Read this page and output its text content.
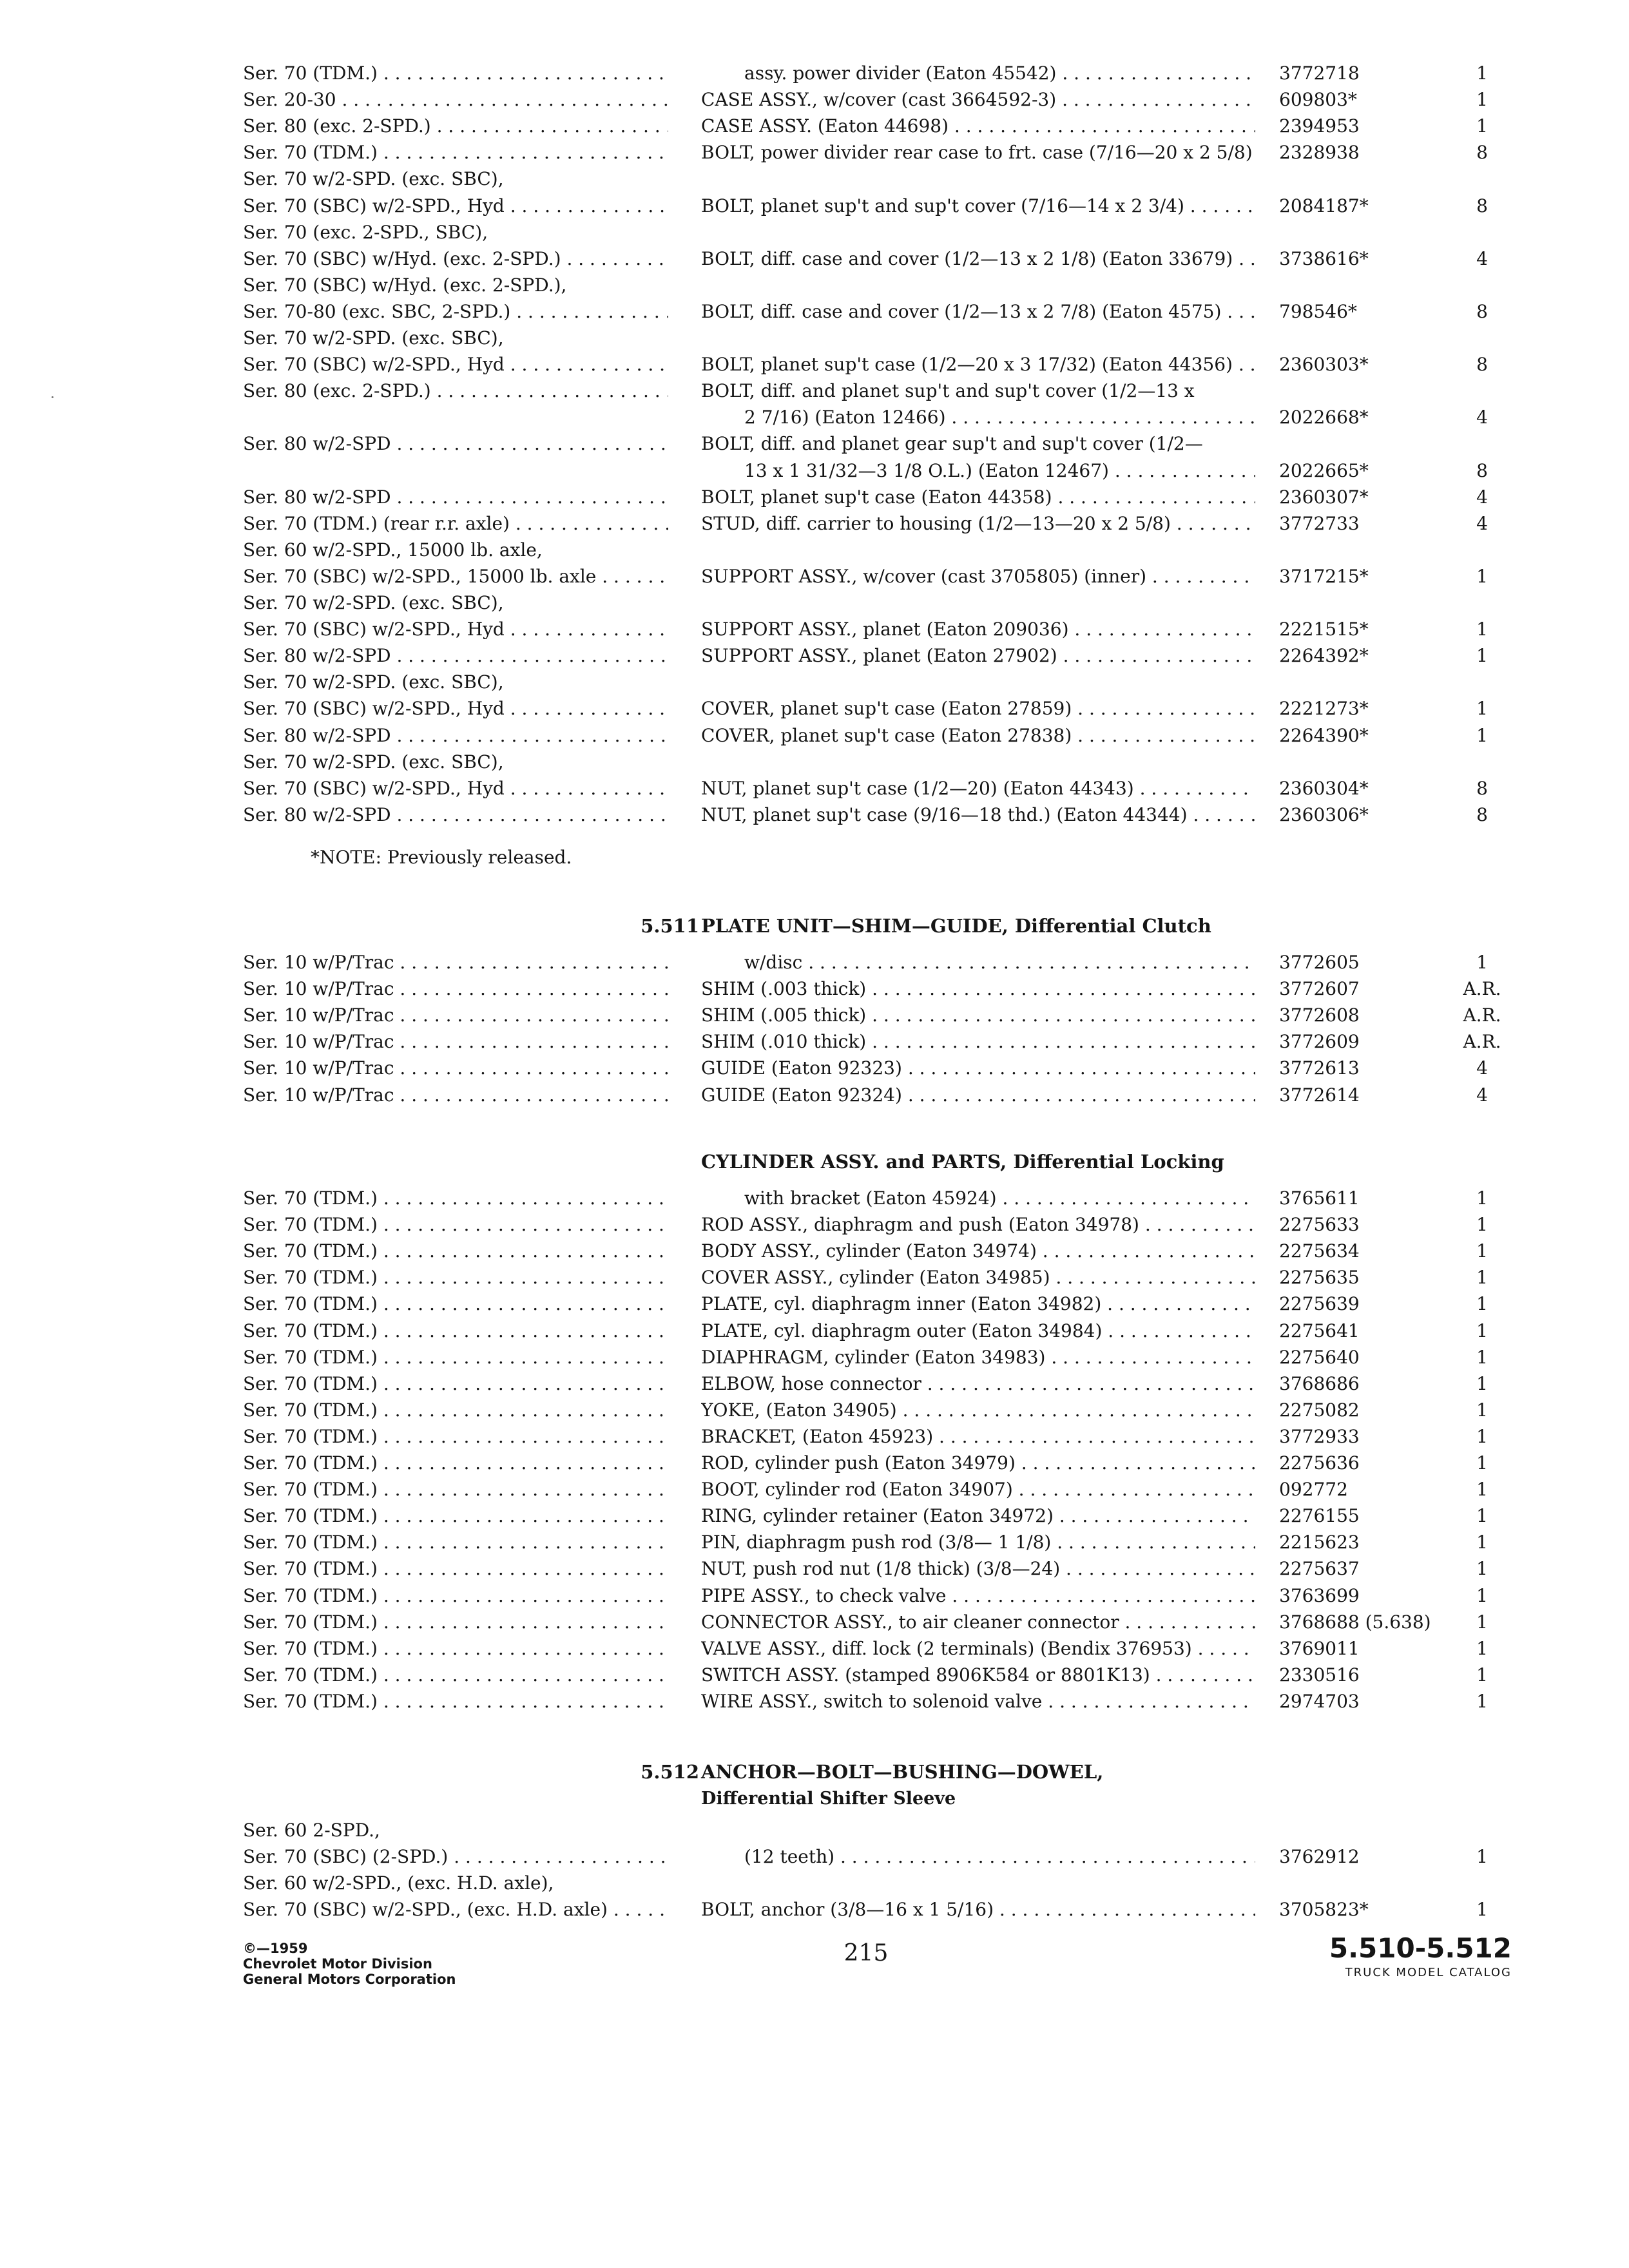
Ser. 70 (TDM.) . . .	assy. power divider (Eaton 45542) . . .	3772718	1
Ser. 20-30 . . .	CASE ASSY., w/cover (cast 3664592-3) . . .	609803*	1
Ser. 80 (exc. 2-SPD.) . . .	CASE ASSY. (Eaton 44698) . . .	2394953	1
Ser. 70 (TDM.) . . .	BOLT, power divider rear case to frt. case (7/16—20 x 2 5/8) . . . 2328938	8
Ser. 70 w/2-SPD. (exc. SBC),
Ser. 70 (SBC) w/2-SPD., Hyd . . .	BOLT, planet sup't and sup't cover (7/16—14 x 2 3/4) . . .	2084187*	8
Ser. 70 (exc. 2-SPD., SBC),
Ser. 70 (SBC) w/Hyd. (exc. 2-SPD.) . . .	BOLT, diff. case and cover (1/2—13 x 2 1/8) (Eaton 33679) . . .	3738616*	4
Ser. 70 (SBC) w/Hyd. (exc. 2-SPD.),
Ser. 70-80 (exc. SBC, 2-SPD.) . . .	BOLT, diff. case and cover (1/2—13 x 2 7/8) (Eaton 4575) . . .	798546*	8
Ser. 70 w/2-SPD. (exc. SBC),
Ser. 70 (SBC) w/2-SPD., Hyd . . .	BOLT, planet sup't case (1/2—20 x 3 17/32) (Eaton 44356) . . .	2360303*	8
Ser. 80 (exc. 2-SPD.) . . .	BOLT, diff. and planet sup't and sup't cover (1/2—13 x
2 7/16) (Eaton 12466) . . .	2022668*	4
Ser. 80 w/2-SPD . . .	BOLT, diff. and planet gear sup't and sup't cover (1/2—
13 x 1 31/32—3 1/8 O.L.) (Eaton 12467) . . .	2022665*	8
Ser. 80 w/2-SPD . . .	BOLT, planet sup't case (Eaton 44358) . . .	2360307*	4
Ser. 70 (TDM.) (rear r.r. axle) . . .	STUD, diff. carrier to housing (1/2—13—20 x 2 5/8) . . .	3772733	4
Ser. 60 w/2-SPD., 15000 lb. axle,
Ser. 70 (SBC) w/2-SPD., 15000 lb. axle . . .	SUPPORT ASSY., w/cover (cast 3705805) (inner) . . .	3717215*	1
Ser. 70 w/2-SPD. (exc. SBC),
Ser. 70 (SBC) w/2-SPD., Hyd . . .	SUPPORT ASSY., planet (Eaton 209036) . . .	2221515*	1
Ser. 80 w/2-SPD . . .	SUPPORT ASSY., planet (Eaton 27902) . . .	2264392*	1
Ser. 70 w/2-SPD. (exc. SBC),
Ser. 70 (SBC) w/2-SPD., Hyd . . .	COVER, planet sup't case (Eaton 27859) . . .	2221273*	1
Ser. 80 w/2-SPD . . .	COVER, planet sup't case (Eaton 27838) . . .	2264390*	1
Ser. 70 w/2-SPD. (exc. SBC),
Ser. 70 (SBC) w/2-SPD., Hyd . . .	NUT, planet sup't case (1/2—20) (Eaton 44343) . . .	2360304*	8
Ser. 80 w/2-SPD . . .	NUT, planet sup't case (9/16—18 thd.) (Eaton 44344) . . .	2360306*	8
*NOTE: Previously released.
5.511 PLATE UNIT—SHIM—GUIDE, Differential Clutch
Ser. 10 w/P/Trac . . .	w/disc . . .	3772605	1
Ser. 10 w/P/Trac . . .	SHIM (.003 thick) . . .	3772607	A.R.
Ser. 10 w/P/Trac . . .	SHIM (.005 thick) . . .	3772608	A.R.
Ser. 10 w/P/Trac . . .	SHIM (.010 thick) . . .	3772609	A.R.
Ser. 10 w/P/Trac . . .	GUIDE (Eaton 92323) . . .	3772613	4
Ser. 10 w/P/Trac . . .	GUIDE (Eaton 92324) . . .	3772614	4
CYLINDER ASSY. and PARTS, Differential Locking
Ser. 70 (TDM.) . . .	with bracket (Eaton 45924) . . .	3765611	1
Ser. 70 (TDM.) . . .	ROD ASSY., diaphragm and push (Eaton 34978) . . .	2275633	1
Ser. 70 (TDM.) . . .	BODY ASSY., cylinder (Eaton 34974) . . .	2275634	1
Ser. 70 (TDM.) . . .	COVER ASSY., cylinder (Eaton 34985) . . .	2275635	1
Ser. 70 (TDM.) . . .	PLATE, cyl. diaphragm inner (Eaton 34982) . . .	2275639	1
Ser. 70 (TDM.) . . .	PLATE, cyl. diaphragm outer (Eaton 34984) . . .	2275641	1
Ser. 70 (TDM.) . . .	DIAPHRAGM, cylinder (Eaton 34983) . . .	2275640	1
Ser. 70 (TDM.) . . .	ELBOW, hose connector . . .	3768686	1
Ser. 70 (TDM.) . . .	YOKE, (Eaton 34905) . . .	2275082	1
Ser. 70 (TDM.) . . .	BRACKET, (Eaton 45923) . . .	3772933	1
Ser. 70 (TDM.) . . .	ROD, cylinder push (Eaton 34979) . . .	2275636	1
Ser. 70 (TDM.) . . .	BOOT, cylinder rod (Eaton 34907) . . .	092772	1
Ser. 70 (TDM.) . . .	RING, cylinder retainer (Eaton 34972) . . .	2276155	1
Ser. 70 (TDM.) . . .	PIN, diaphragm push rod (3/8— 1 1/8) . . .	2215623	1
Ser. 70 (TDM.) . . .	NUT, push rod nut (1/8 thick) (3/8—24) . . .	2275637	1
Ser. 70 (TDM.) . . .	PIPE ASSY., to check valve . . .	3763699	1
Ser. 70 (TDM.) . . .	CONNECTOR ASSY., to air cleaner connector . . .	3768688 (5.638)	1
Ser. 70 (TDM.) . . .	VALVE ASSY., diff. lock (2 terminals) (Bendix 376953) . . .	3769011	1
Ser. 70 (TDM.) . . .	SWITCH ASSY. (stamped 8906K584 or 8801K13) . . .	2330516	1
Ser. 70 (TDM.) . . .	WIRE ASSY., switch to solenoid valve . . .	2974703	1
5.512 ANCHOR—BOLT—BUSHING—DOWEL,
Differential Shifter Sleeve
Ser. 60 2-SPD.,
Ser. 70 (SBC) (2-SPD.) . . .	(12 teeth) . . .	3762912	1
Ser. 60 w/2-SPD., (exc. H.D. axle),
Ser. 70 (SBC) w/2-SPD., (exc. H.D. axle) . . .	BOLT, anchor (3/8—16 x 1 5/16) . . .	3705823*	1
©—1959
Chevrolet Motor Division
General Motors Corporation
215	5.510-5.512
TRUCK MODEL CATALOG
